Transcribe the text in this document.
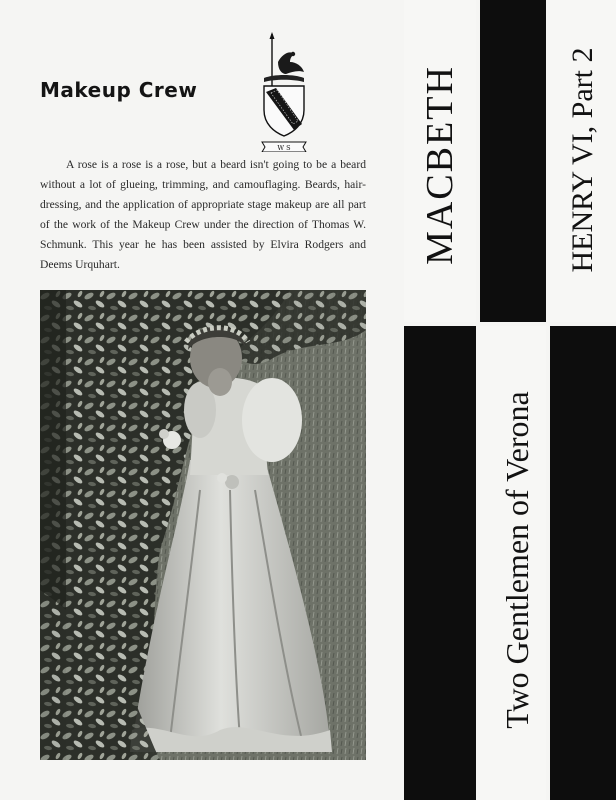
Makeup Crew
W S

A rose is a rose is a rose, but a beard isn't going to be a beard without a lot of glueing, trimming, and camouflaging. Beards, hair-dressing, and the application of appropriate stage makeup are all part of the work of the Makeup Crew under the direction of Thomas W. Schmunk. This year he has been assisted by Elvira Rodgers and Deems Urquhart.	MACBETH
Two Gentlemen of Verona
HENRY VI, Part 2
